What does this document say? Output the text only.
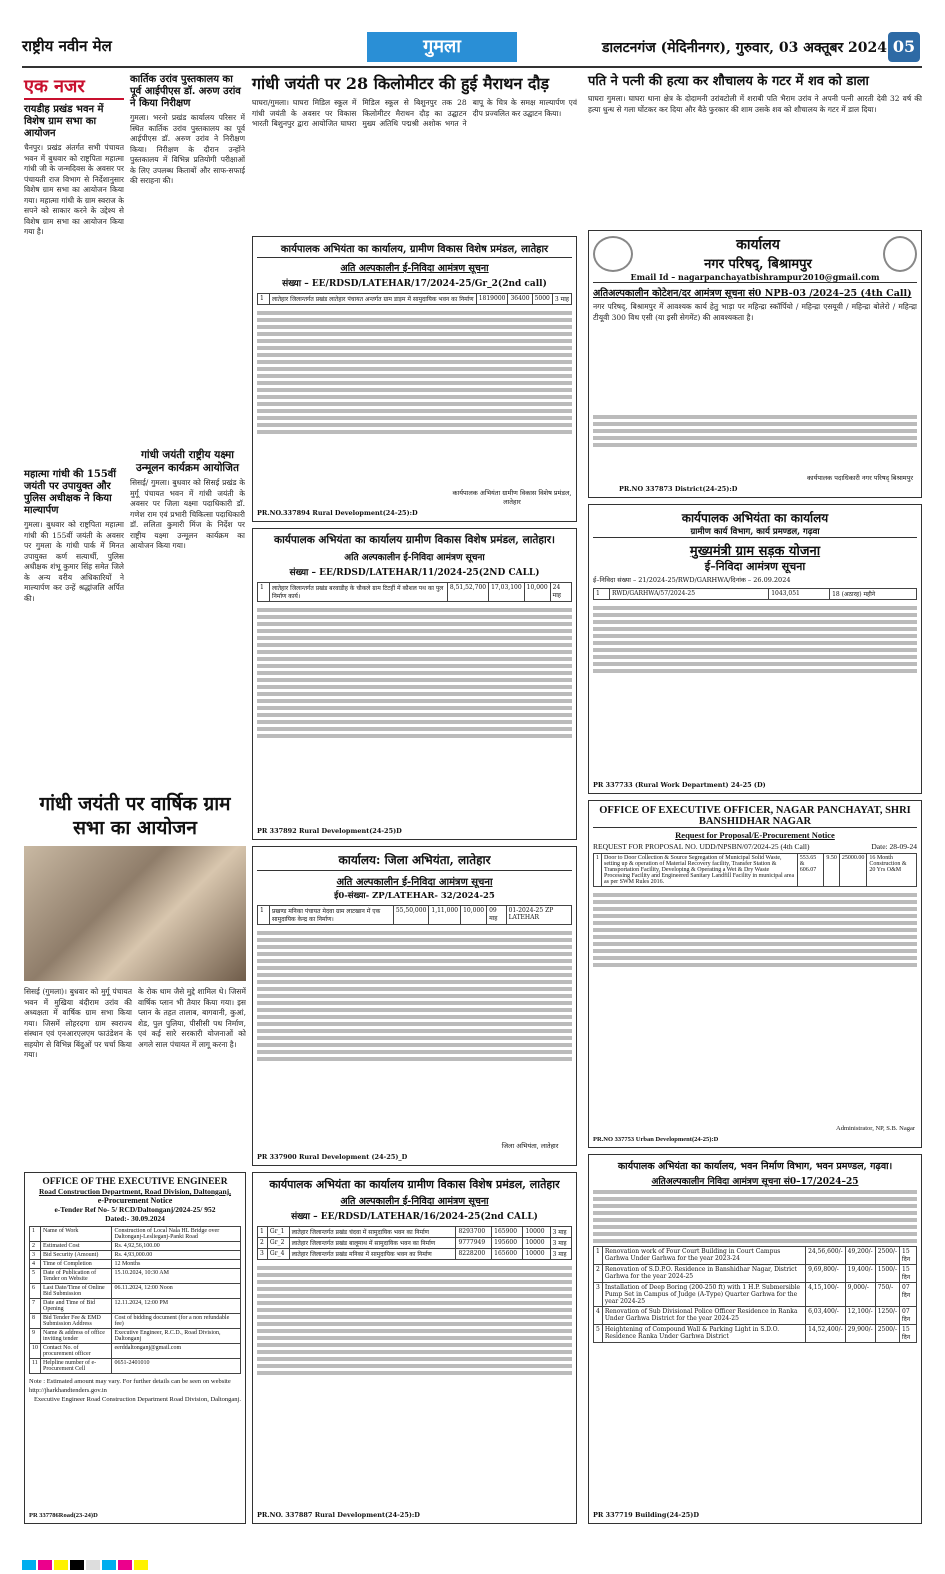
राष्ट्रीय नवीन मेल	गुमला	डालटनगंज (मेदिनीनगर), गुरुवार, 03 अक्तूबर 2024 05
एक नजर
रायडीह प्रखंड भवन में विशेष ग्राम सभा का आयोजन

चैनपुर। प्रखंड अंतर्गत सभी पंचायत भवन में बुधवार को राष्ट्रपिता महात्मा गांधी जी के जन्मदिवस के अवसर पर पंचायती राज विभाग से निर्देशानुसार विशेष ग्राम सभा का आयोजन किया गया। महात्मा गांधी के ग्राम स्वराज के सपने को साकार करने के उद्देश्य से विशेष ग्राम सभा का आयोजन किया गया है।

महात्मा गांधी की 155वीं जयंती पर उपायुक्त और पुलिस अधीक्षक ने किया माल्यार्पण

गुमला। बुधवार को राष्ट्रपिता महात्मा गांधी की 155वीं जयंती के अवसर पर गुमला के गांधी पार्क में मिनत उपायुक्त कर्ण सत्यार्थी, पुलिस अधीक्षक शंभू कुमार सिंह समेत जिले के अन्य वरीय अधिकारियों ने माल्यार्पण कर उन्हें श्रद्धांजलि अर्पित की।

कार्तिक उरांव पुस्तकालय का पूर्व आईपीएस डॉ. अरुण उरांव ने किया निरीक्षण

गुमला। भरनो प्रखंड कार्यालय परिसर में स्थित कार्तिक उरांव पुस्तकालय का पूर्व आईपीएस डॉ. अरुण उरांव ने निरीक्षण किया। निरीक्षण के दौरान उन्होंने पुस्तकालय में विभिन्न प्रतियोगी परीक्षाओं के लिए उपलब्ध किताबों और साफ-सफाई की सराहना की।

गांधी जयंती राष्ट्रीय यक्ष्मा उन्मूलन कार्यक्रम आयोजित

सिसई/ गुमला। बुधवार को सिसई प्रखंड के मुर्गू पंचायत भवन में गांधी जयंती के अवसर पर जिला यक्ष्मा पदाधिकारी डॉ. गणेश राम एवं प्रभारी चिकित्सा पदाधिकारी डॉ. ललिता कुमारी मिंज के निर्देश पर राष्ट्रीय यक्ष्मा उन्मूलन कार्यक्रम का आयोजन किया गया।

गांधी जयंती पर 28 किलोमीटर की हुई मैराथन दौड़

घाघरा/गुमला। घाघरा मिडिल स्कूल में गांधी जयंती के अवसर पर विकास भारती बिशुनपुर द्वारा आयोजित घाघरा मिडिल स्कूल से बिशुनपुर तक 28 किलोमीटर मैराथन दौड़ का उद्घाटन मुख्य अतिथि पद्मश्री अशोक भगत ने बापू के चित्र के समक्ष माल्यार्पण एवं दीप प्रज्वलित कर उद्घाटन किया।

पति ने पत्नी की हत्या कर शौचालय के गटर में शव को डाला

घाघरा गुमला। घाघरा थाना क्षेत्र के दोदामनी उरांवटोली में शराबी पति भैराम उरांव ने अपनी पत्नी आरती देवी 32 वर्ष की हत्या धुन्ध से गला घोंटकर कर दिया और बैठे फुरकार की शाम उसके शव को शौचालय के गटर में डाल दिया।

कार्यपालक अभियंता का कार्यालय, ग्रामीण विकास विशेष प्रमंडल, लातेहार
अति अल्पकालीन ई-निविदा आमंत्रण सूचना
संख्या – EE/RDSD/LATEHAR/17/2024-25/Gr_2(2nd call)
1	लातेहार जिलान्तर्गत प्रखंड लातेहार पंचायत अन्तर्गत ग्राम डाड़म में सामुदायिक भवन का निर्माण	1819000	36400	5000	3 माह
कार्यपालक अभियंता ग्रामीण विकास विशेष प्रमंडल, लातेहार
PR.NO.337894 Rural Development(24-25):D
कार्यपालक अभियंता का कार्यालय ग्रामीण विकास विशेष प्रमंडल, लातेहार।
अति अल्पकालीन ई-निविदा आमंत्रण सूचना
संख्या – EE/RDSD/LATEHAR/11/2024-25(2ND CALL)
1	लातेहार जिलान्तर्गत प्रखंड बरवाडीह के चौकले ग्राम टिटहीं में कौशल पथ का पुल निर्माण कार्य।	8,51,52,700	17,03,100	10,000	24 माह
PR 337892 Rural Development(24-25)D
कार्यालय: जिला अभियंता, लातेहार
अति अल्पकालीन ई-निविदा आमंत्रण सूचना
ई0-संख्या- ZP/LATEHAR- 32/2024-25
1	प्रखण्ड मनिका पंचायत मेदवा ग्राम लाटखान में एक सामुदायिक केन्द्र का निर्माण।	55,50,000	1,11,000	10,000	09 माह	01-2024-25 ZP LATEHAR
जिला अभियंता, लातेहार
PR 337900 Rural Development (24-25)_D
कार्यपालक अभियंता का कार्यालय ग्रामीण विकास विशेष प्रमंडल, लातेहार
अति अल्पकालीन ई-निविदा आमंत्रण सूचना
संख्या – EE/RDSD/LATEHAR/16/2024-25(2nd CALL)
1	Gr_1	लातेहार जिलान्तर्गत प्रखंड चंदवा में सामुदायिक भवन का निर्माण	8293700	165900	10000	3 माह
2	Gr_2	लातेहार जिलान्तर्गत प्रखंड बालूमाथ में सामुदायिक भवन का निर्माण	9777949	195600	10000	3 माह
3	Gr_4	लातेहार जिलान्तर्गत प्रखंड मनिका में सामुदायिक भवन का निर्माण	8228200	165600	10000	3 माह
PR.NO. 337887 Rural Development(24-25):D
गांधी जयंती पर वार्षिक ग्राम सभा का आयोजन

सिसई (गुमला)। बुधवार को मुर्गू पंचायत भवन में मुखिया बंदीराम उरांव की अध्यक्षता में वार्षिक ग्राम सभा किया गया। जिसमें लोहरदगा ग्राम स्वराज्य संस्थान एवं एनआरएलएम फाउंडेशन के सहयोग से विभिन्न बिंदुओं पर चर्चा किया गया।

के रोक थाम जैसे मुद्दे शामिल थे। जिसमें वार्षिक प्लान भी तैयार किया गया। इस प्लान के तहत तालाब, बागवानी, कुआं, शेड, पुल पुलिया, पीसीसी पथ निर्माण, एवं कई सारे सरकारी योजनाओं को अगले साल पंचायत में लागू करना है।

OFFICE OF THE EXECUTIVE ENGINEER
Road Construction Department, Road Division, Daltonganj,
e-Procurement Notice
e-Tender Ref No- 5/ RCD/Daltonganj/2024-25/ 952
Dated:- 30.09.2024
1	Name of Work	Construction of Local Nala HL Bridge over Daltonganj-Leslieganj-Panki Road
2	Estimated Cost	Rs. 4,92,56,100.00
3	Bid Security (Amount)	Rs. 4,93,000.00
4	Time of Completion	12 Months
5	Date of Publication of Tender on Website	15.10.2024, 10:30 AM
6	Last Date/Time of Online Bid Submission	06.11.2024, 12:00 Noon
7	Date and Time of Bid Opening	12.11.2024, 12:00 PM
8	Bid Tender Fee & EMD Submission Address	Cost of bidding document (for a non refundable fee)
9	Name & address of office inviting tender	Executive Engineer, R.C.D., Road Division, Daltonganj
10	Contact No. of procurement officer	eerddaltonganj@gmail.com
11	Helpline number of e-Procurement Cell	0651-2401010

Note : Estimated amount may vary. For further details can be seen on website http://jharkhandtenders.gov.in

Executive Engineer Road Construction Department Road Division, Daltonganj.
PR 337786Road(23-24)D
कार्यालय
नगर परिषद्, बिश्रामपुर
Email Id – nagarpanchayatbishrampur2010@gmail.com
अतिअल्पकालीन कोटेशन/दर आमंत्रण सूचना सं0 NPB-03 /2024–25 (4th Call)

नगर परिषद्, बिश्रामपुर में आवश्यक कार्य हेतु भाड़ा पर महिन्द्रा स्कॉर्पियो / महिन्द्रा एसयूवी / महिन्द्रा बोलेरो / महिन्द्रा टीयूवी 300 विथ एसी (या इसी सेगमेंट) की आवश्यकता है।

कार्यपालक पदाधिकारी नगर परिषद् बिश्रामपुर
PR.NO 337873 District(24-25):D
कार्यपालक अभियंता का कार्यालय
ग्रामीण कार्य विभाग, कार्य प्रमण्डल, गढ़वा
मुख्यमंत्री ग्राम सड़क योजना
ई–निविदा आमंत्रण सूचना
ई–निविदा संख्या – 21/2024-25/RWD/GARHWA/दिनांक – 26.09.2024
1	RWD/GARHWA/57/2024-25	1043,051	18 (अठारह) महीने
PR 337733 (Rural Work Department) 24-25 (D)
OFFICE OF EXECUTIVE OFFICER, NAGAR PANCHAYAT, SHRI BANSHIDHAR NAGAR
Request for Proposal/E-Procurement Notice
REQUEST FOR PROPOSAL NO. UDD/NPSBN/07/2024-25 (4th Call)	Date: 28-09-24
1	Door to Door Collection & Source Segregation of Municipal Solid Waste, setting up & operation of Material Recovery facility, Transfer Station & Transportation Facility, Developing & Operating a Wet & Dry Waste Processing Facility and Engineered Sanitary Landfill Facility in municipal area as per SWM Rules 2016.	553.65 & 606.07	9.50	25000.00	16 Month Construction & 20 Yrs O&M
Administrator, NP, S.B. Nagar
PR.NO 337753 Urban Development(24-25):D
कार्यपालक अभियंता का कार्यालय, भवन निर्माण विभाग, भवन प्रमण्डल, गढ़वा।
अतिअल्पकालीन निविदा आमंत्रण सूचना सं0–17/2024–25
1	Renovation work of Four Court Building in Court Campus Garhwa Under Garhwa for the year 2023-24	24,56,600/-	49,200/-	2500/-	15 दिन
2	Renovation of S.D.P.O. Residence in Banshidhar Nagar, District Garhwa for the year 2024-25	9,69,800/-	19,400/-	1500/-	15 दिन
3	Installation of Deep Boring (200-250 ft) with 1 H.P. Submersible Pump Set in Campus of Judge (A-Type) Quarter Garhwa for the year 2024-25	4,15,100/-	9,000/-	750/-	07 दिन
4	Renovation of Sub Divisional Police Officer Residence in Ranka Under Garhwa District for the year 2024-25	6,03,400/-	12,100/-	1250/-	07 दिन
5	Heightening of Compound Wall & Parking Light in S.D.O. Residence Ranka Under Garhwa District	14,52,400/-	29,900/-	2500/-	15 दिन
PR 337719 Building(24-25)D
